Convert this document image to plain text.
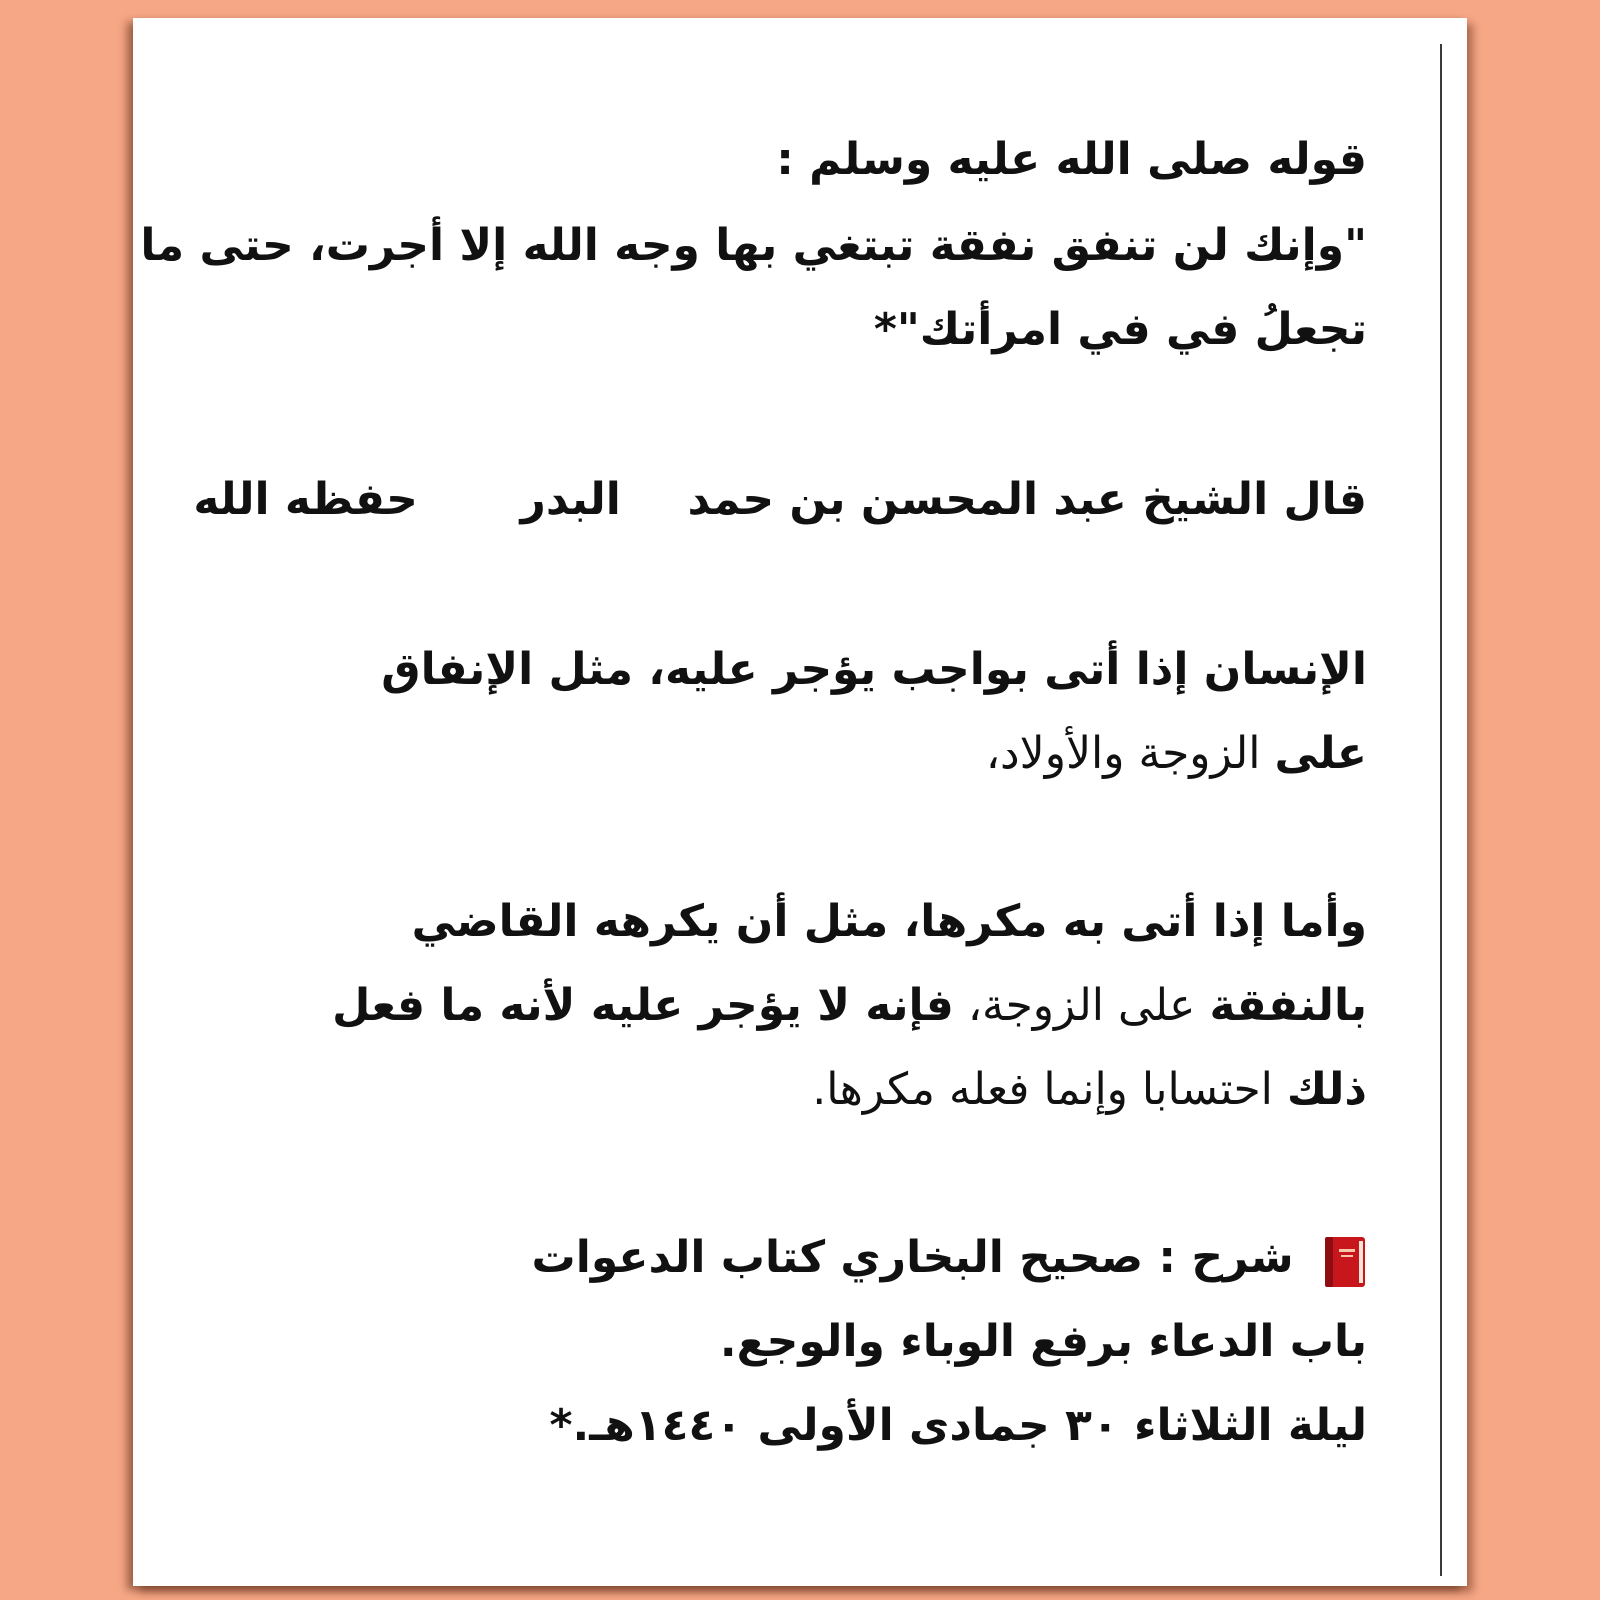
قوله صلى الله عليه وسلم :
"وإنك لن تنفق نفقة تبتغي بها وجه الله إلا أجرت، حتى ما
تجعلُ في في امرأتك"*
قال الشيخ عبد المحسن بن حمد  البدر  حفظه الله
الإنسان إذا أتى بواجب يؤجر عليه، مثل الإنفاق
على الزوجة والأولاد،
وأما إذا أتى به مكرها، مثل أن يكرهه القاضي
بالنفقة على الزوجة، فإنه لا يؤجر عليه لأنه ما فعل
ذلك احتسابا وإنما فعله مكرها.
شرح : صحيح البخاري كتاب الدعوات
باب الدعاء برفع الوباء والوجع.
ليلة الثلاثاء ٣٠ جمادى الأولى ١٤٤٠هـ.*
